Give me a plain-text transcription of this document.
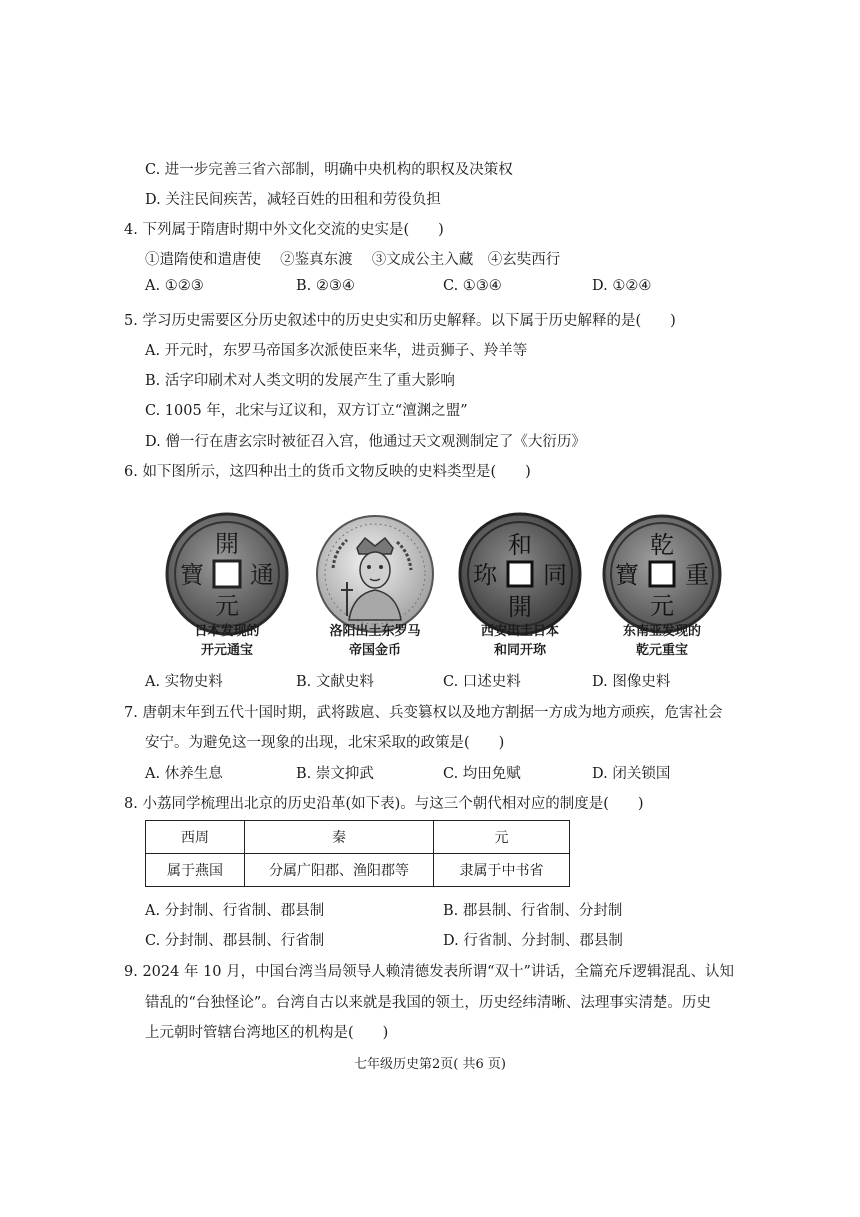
C. 进一步完善三省六部制，明确中央机构的职权及决策权
D. 关注民间疾苦，减轻百姓的田租和劳役负担
4. 下列属于隋唐时期中外文化交流的史实是(　　)
①遣隋使和遣唐使　 ②鉴真东渡　 ③文成公主入藏　④玄奘西行
A. ①②③	B. ②③④	C. ①③④	D. ①②④
5. 学习历史需要区分历史叙述中的历史史实和历史解释。以下属于历史解释的是(　　)
A. 开元时，东罗马帝国多次派使臣来华，进贡狮子、羚羊等
B. 活字印刷术对人类文明的发展产生了重大影响
C. 1005 年，北宋与辽议和，双方订立“澶渊之盟”
D. 僧一行在唐玄宗时被征召入宫，他通过天文观测制定了《大衍历》
6. 如下图所示，这四种出土的货币文物反映的史料类型是(　　)
開
元
通
寶
和
開
同
珎
乾
元
重
寶
日本发现的
开元通宝
洛阳出土东罗马
帝国金币
西安出土日本
和同开珎
东南亚发现的
乾元重宝
A. 实物史料	B. 文献史料	C. 口述史料	D. 图像史料
7. 唐朝末年到五代十国时期，武将跋扈、兵变篡权以及地方割据一方成为地方顽疾，危害社会
安宁。为避免这一现象的出现，北宋采取的政策是(　　)
A. 休养生息	B. 崇文抑武	C. 均田免赋	D. 闭关锁国
8. 小荔同学梳理出北京的历史沿革(如下表)。与这三个朝代相对应的制度是(　　)
西周	秦	元
属于燕国	分属广阳郡、渔阳郡等	隶属于中书省
A. 分封制、行省制、郡县制	B. 郡县制、行省制、分封制
C. 分封制、郡县制、行省制	D. 行省制、分封制、郡县制
9. 2024 年 10 月，中国台湾当局领导人赖清德发表所谓“双十”讲话，全篇充斥逻辑混乱、认知
错乱的“台独怪论”。台湾自古以来就是我国的领土，历史经纬清晰、法理事实清楚。历史
上元朝时管辖台湾地区的机构是(　　)
七年级历史第2页( 共6 页)
